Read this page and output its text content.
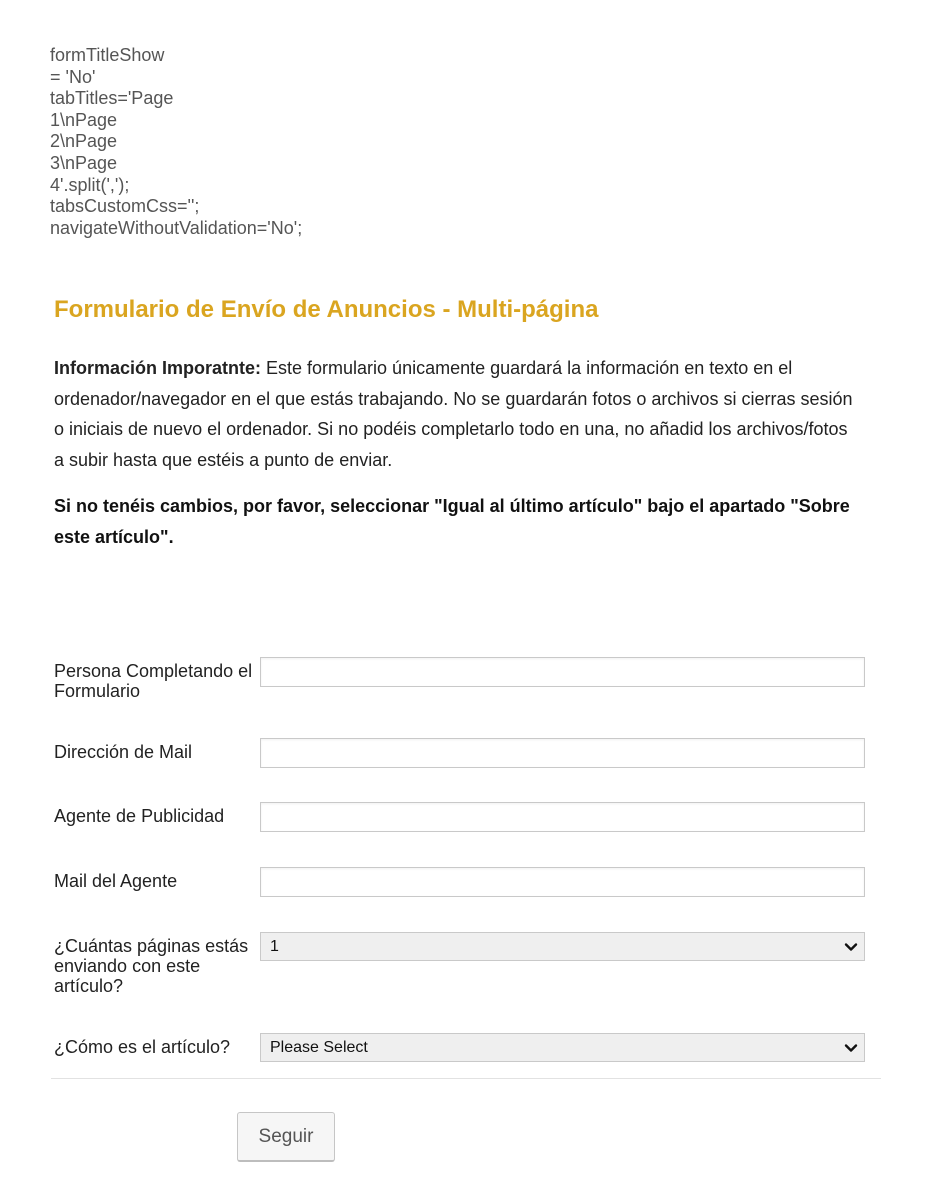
formTitleShow
= 'No'
tabTitles='Page
1\nPage
2\nPage
3\nPage
4'.split(',');
tabsCustomCss='';
navigateWithoutValidation='No';
Formulario de Envío de Anuncios - Multi-página

Información Imporatnte: Este formulario únicamente guardará la información en texto en el ordenador/navegador en el que estás trabajando. No se guardarán fotos o archivos si cierras sesión o iniciais de nuevo el ordenador. Si no podéis completarlo todo en una, no añadid los archivos/fotos a subir hasta que estéis a punto de enviar.

Si no tenéis cambios, por favor, seleccionar "Igual al último artículo" bajo el apartado "Sobre este artículo".

Persona Completando el Formulario
Dirección de Mail
Agente de Publicidad
Mail del Agente
¿Cuántas páginas estás enviando con este artículo?
1
¿Cómo es el artículo?	Please Select
Seguir
